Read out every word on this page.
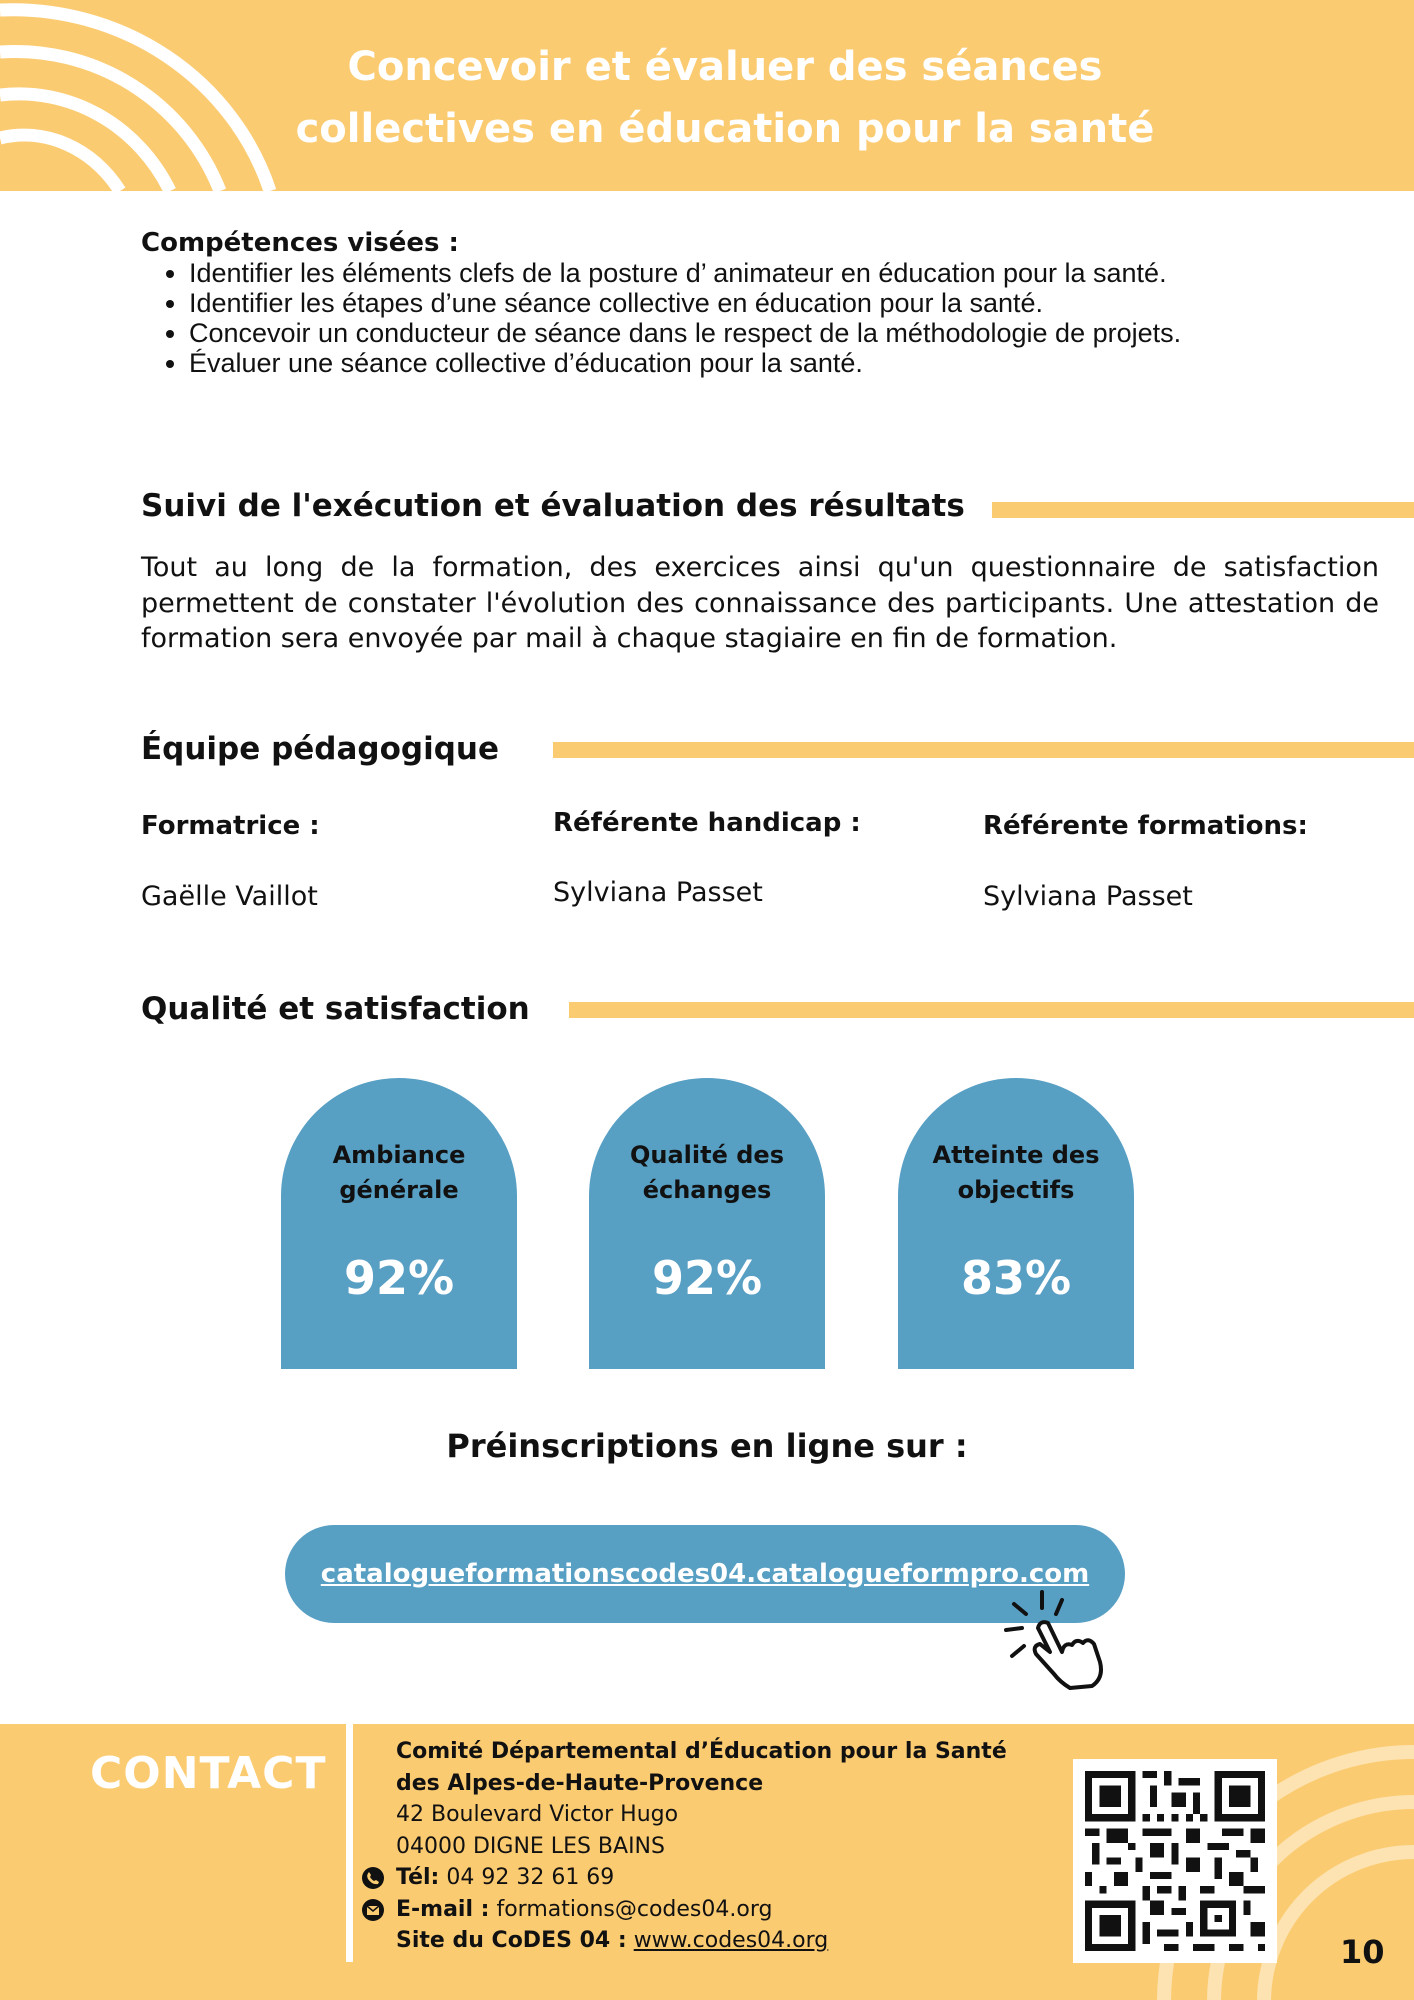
Concevoir et évaluer des séances
collectives en éducation pour la santé

Compétences visées :

• Identifier les éléments clefs de la posture d’ animateur en éducation pour la santé.
• Identifier les étapes d’une séance collective en éducation pour la santé.
• Concevoir un conducteur de séance dans le respect de la méthodologie de projets.
• Évaluer une séance collective d’éducation pour la santé.
Suivi de l'exécution et évaluation des résultats

Tout au long de la formation, des exercices ainsi qu'un questionnaire de satisfaction permettent de constater l'évolution des connaissance des participants. Une attestation de formation sera envoyée par mail à chaque stagiaire en fin de formation.

Équipe pédagogique
Formatrice :
Gaëlle Vaillot
Référente handicap :
Sylviana Passet
Référente formations:
Sylviana Passet
Qualité et satisfaction
Ambiance
générale
92%
Qualité des
échanges
92%
Atteinte des
objectifs
83%
Préinscriptions en ligne sur :
catalogueformationscodes04.catalogueformpro.com
CONTACT	Comité Départemental d’Éducation pour la Santé
des Alpes-de-Haute-Provence
42 Boulevard Victor Hugo
04000 DIGNE LES BAINS
Tél: 04 92 32 61 69
E-mail : formations@codes04.org
Site du CoDES 04 : www.codes04.org	10
